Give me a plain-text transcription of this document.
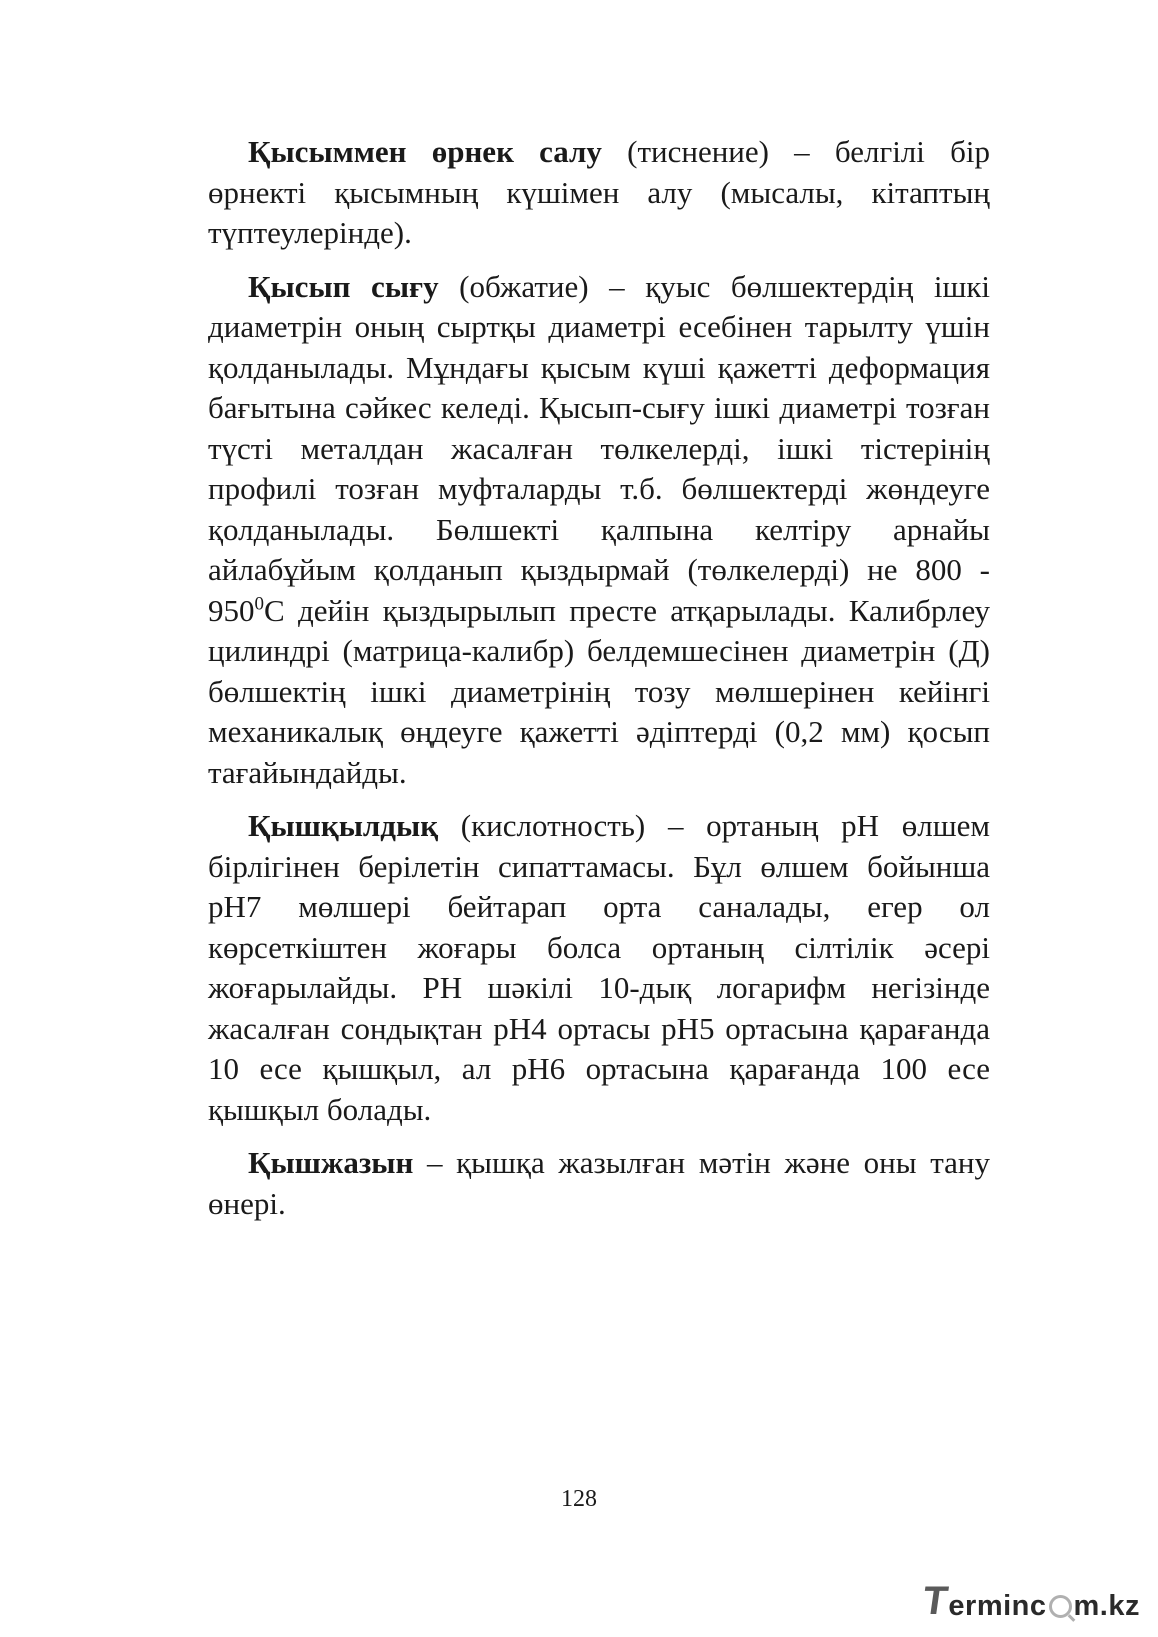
Қысыммен өрнек салу (тиснение) – белгілі бір өрнекті қысымның күшімен алу (мысалы, кітаптың түптеулерінде).

Қысып сығу (обжатие) – қуыс бөлшектердің ішкі диаметрін оның сыртқы диаметрі есебінен тарылту үшін қолданылады. Мұндағы қысым күші қажетті деформация бағытына сәйкес келеді. Қысып-сығу ішкі диаметрі тозған түсті металдан жасалған төлкелерді, ішкі тістерінің профилі тозған муфталарды т.б. бөлшектерді жөндеуге қолданылады. Бөлшекті қалпына келтіру арнайы айлабұйым қолданып қыздырмай (төлкелерді) не $800 - 950^0С$ дейін қыздырылып престе атқарылады. Калибрлеу цилиндрі (матрица-калибр) белдемшесінен диаметрін (Д) бөлшектің ішкі диаметрінің тозу мөлшерінен кейінгі механикалық өңдеуге қажетті әдіптерді (0,2 мм) қосып тағайындайды.

Қышқылдық (кислотность) – ортаның рН өлшем бірлігінен берілетін сипаттамасы. Бұл өлшем бойынша рН7 мөлшері бейтарап орта саналады, егер ол көрсеткіштен жоғары болса ортаның сілтілік әсері жоғарылайды. РН шәкілі 10-дық логарифм негізінде жасалған сондықтан рН4 ортасы рН5 ортасына қарағанда 10 есе қышқыл, ал рН6 ортасына қарағанда 100 есе қышқыл болады.

Қышжазын – қышқа жазылған мәтін және оны тану өнері.

128
T
erminc m.kz
